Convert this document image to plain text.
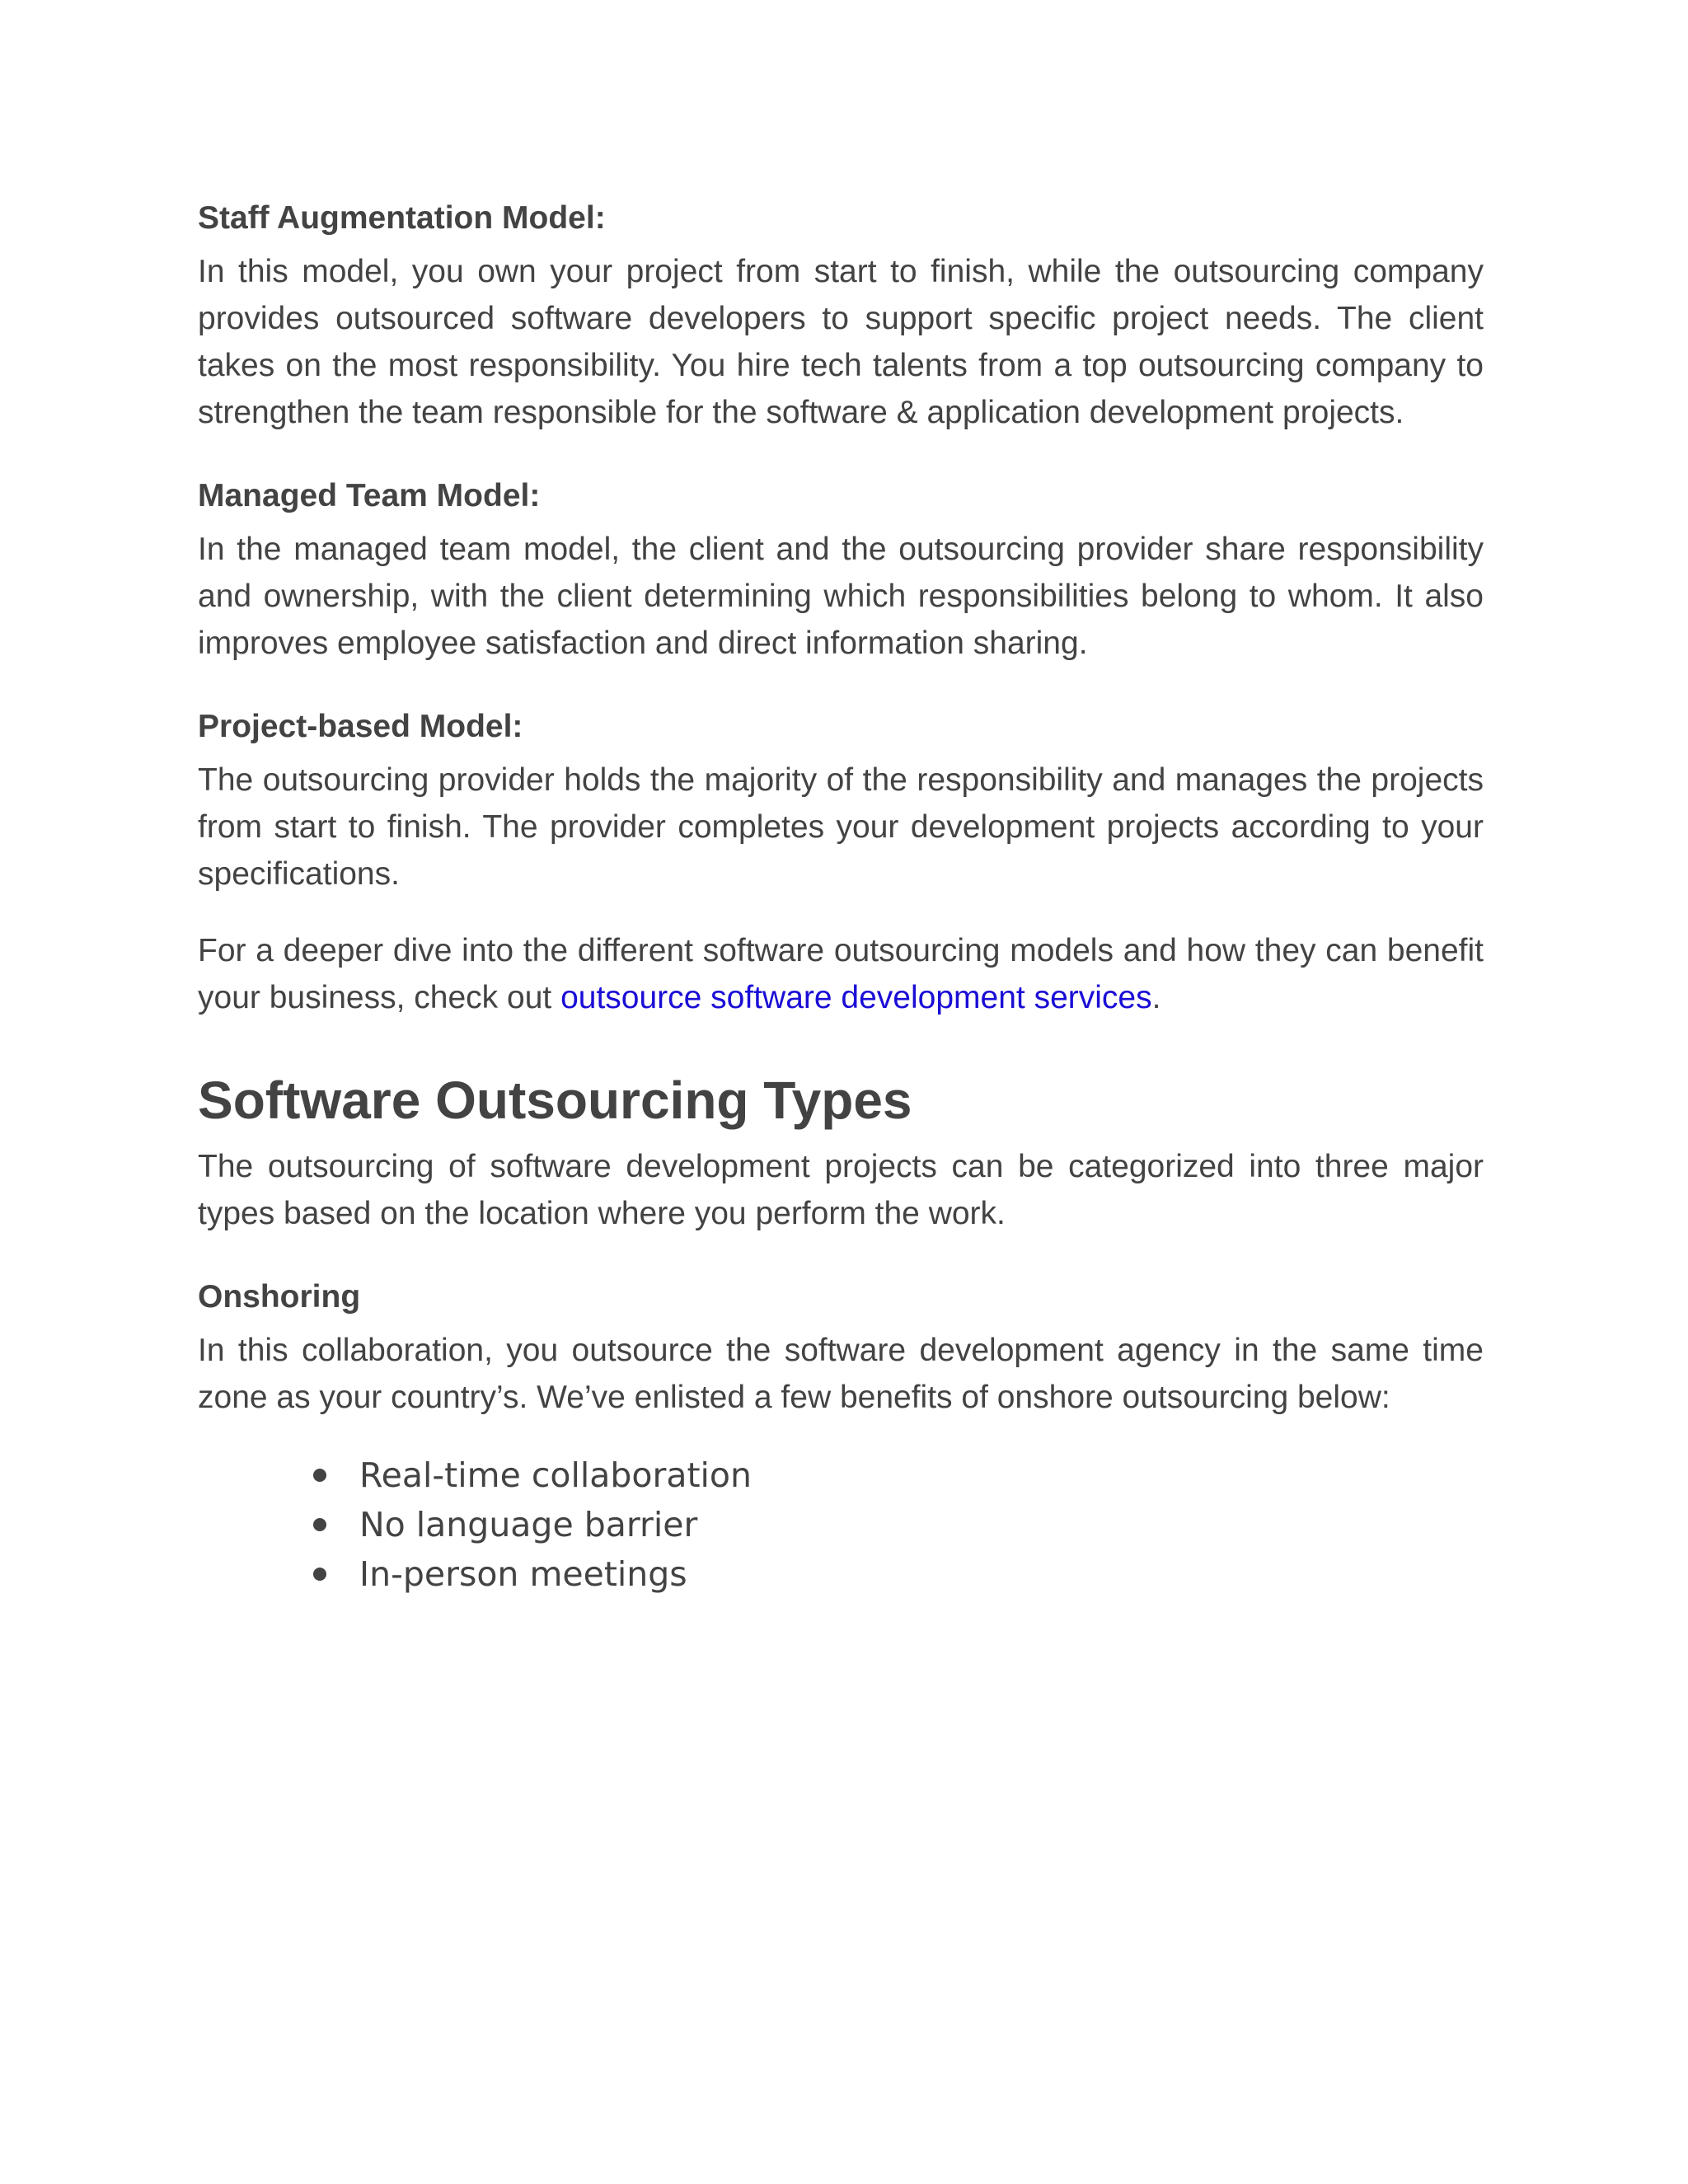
Staff Augmentation Model:

In this model, you own your project from start to finish, while the outsourcing company provides outsourced software developers to support specific project needs. The client takes on the most responsibility. You hire tech talents from a top outsourcing company to strengthen the team responsible for the software & application development projects.

Managed Team Model:

In the managed team model, the client and the outsourcing provider share responsibility and ownership, with the client determining which responsibilities belong to whom. It also improves employee satisfaction and direct information sharing.

Project-based Model:

The outsourcing provider holds the majority of the responsibility and manages the projects from start to finish. The provider completes your development projects according to your specifications.

For a deeper dive into the different software outsourcing models and how they can benefit your business, check out outsource software development services.

Software Outsourcing Types

The outsourcing of software development projects can be categorized into three major types based on the location where you perform the work.

Onshoring

In this collaboration, you outsource the software development agency in the same time zone as your country’s. We’ve enlisted a few benefits of onshore outsourcing below:

Real-time collaboration
No language barrier
In-person meetings
